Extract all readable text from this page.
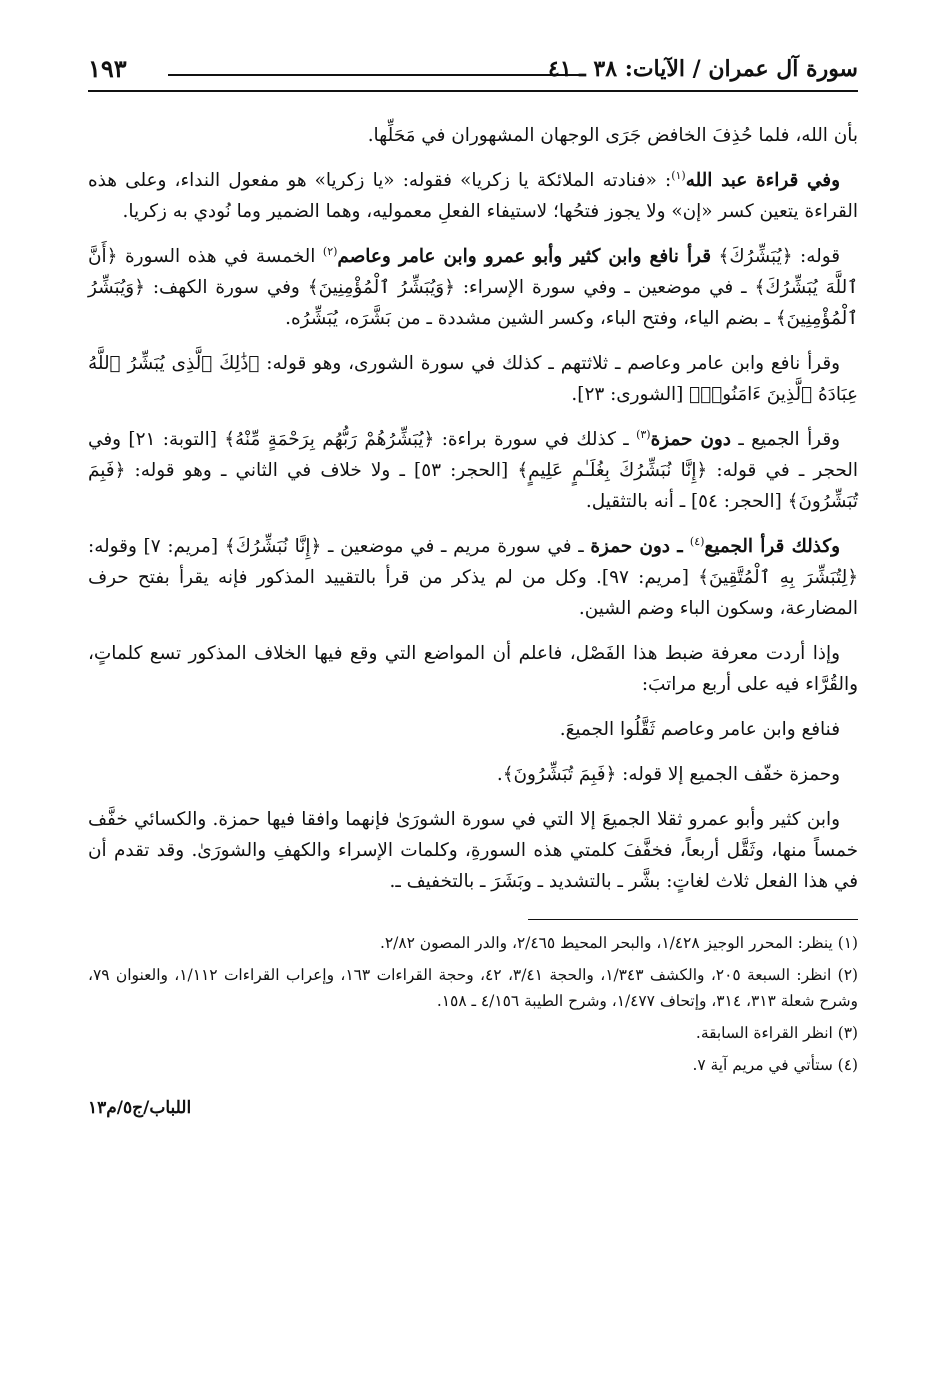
سورة آل عمران / الآيات: ٣٨ ـ ٤١
١٩٣

بأن الله، فلما حُذِفَ الخافض جَرَى الوجهان المشهوران في مَحَلِّها.

وفي قراءة عبد الله$^{(١)}$: «فنادته الملائكة يا زكريا» فقوله: «يا زكريا» هو مفعول النداء، وعلى هذه القراءة يتعين كسر «إن» ولا يجوز فتحُها؛ لاستيفاء الفعلِ معموليه، وهما الضمير وما نُودي به زكريا.

قوله: ﴿يُبَشِّرُكَ﴾ قرأ نافع وابن كثير وأبو عمرو وابن عامر وعاصم$^{(٢)}$ الخمسة في هذه السورة ﴿أَنَّ ٱللَّهَ يُبَشِّرُكَ﴾ ـ في موضعين ـ وفي سورة الإسراء: ﴿وَيُبَشِّرُ ٱلْمُؤْمِنِينَ﴾ وفي سورة الكهف: ﴿وَيُبَشِّرُ ٱلْمُؤْمِنِينَ﴾ ـ بضم الياء، وفتح الباء، وكسر الشين مشددة ـ من بَشَّرَه، يُبَشِّرُه.

وقرأ نافع وابن عامر وعاصم ـ ثلاثتهم ـ كذلك في سورة الشورى، وهو قوله: ﴿ذَٰلِكَ ٱلَّذِى يُبَشِّرُ ٱللَّهُ عِبَادَهُ ٱلَّذِينَ ءَامَنُوا۟﴾ [الشورى: ٢٣].

وقرأ الجميع ـ دون حمزة$^{(٣)}$ ـ كذلك في سورة براءة: ﴿يُبَشِّرُهُمْ رَبُّهُم بِرَحْمَةٍ مِّنْهُ﴾ [التوبة: ٢١] وفي الحجر ـ في قوله: ﴿إِنَّا نُبَشِّرُكَ بِغُلَـٰمٍ عَلِيمٍ﴾ [الحجر: ٥٣] ـ ولا خلاف في الثاني ـ وهو قوله: ﴿فَبِمَ تُبَشِّرُونَ﴾ [الحجر: ٥٤] ـ أنه بالتثقيل.

وكذلك قرأ الجميع$^{(٤)}$ ـ دون حمزة ـ في سورة مريم ـ في موضعين ـ ﴿إِنَّا نُبَشِّرُكَ﴾ [مريم: ٧] وقوله: ﴿لِتُبَشِّرَ بِهِ ٱلْمُتَّقِينَ﴾ [مريم: ٩٧]. وكل من لم يذكر من قرأ بالتقييد المذكور فإنه يقرأ بفتح حرف المضارعة، وسكون الباء وضم الشين.

وإذا أردت معرفة ضبط هذا الفَصْل، فاعلم أن المواضع التي وقع فيها الخلاف المذكور تسع كلماتٍ، والقُرَّاء فيه على أربع مراتبَ:

فنافع وابن عامر وعاصم ثَقَّلُوا الجميعَ.

وحمزة خفّف الجميع إلا قوله: ﴿فَبِمَ تُبَشِّرُونَ﴾.

وابن كثير وأبو عمرو ثقلا الجميعَ إلا التي في سورة الشورَىٰ فإنهما وافقا فيها حمزة. والكسائي خفَّف خمساً منها، وثَقَّل أربعاً، فخفَّفَ كلمتي هذه السورةِ، وكلمات الإسراء والكهفِ والشورَىٰ. وقد تقدم أن في هذا الفعل ثلاث لغاتٍ: بشَّر ـ بالتشديد ـ وبَشَرَ ـ بالتخفيف ـ.

(١) ينظر: المحرر الوجيز ١/٤٢٨، والبحر المحيط ٢/٤٦٥، والدر المصون ٢/٨٢.

(٢) انظر: السبعة ٢٠٥، والكشف ١/٣٤٣، والحجة ٣/٤١، ٤٢، وحجة القراءات ١٦٣، وإعراب القراءات ١/١١٢، والعنوان ٧٩، وشرح شعلة ٣١٣، ٣١٤، وإتحاف ١/٤٧٧، وشرح الطيبة ٤/١٥٦ ـ ١٥٨.

(٣) انظر القراءة السابقة.

(٤) ستأتي في مريم آية ٧.

اللباب/ج٥/م١٣
